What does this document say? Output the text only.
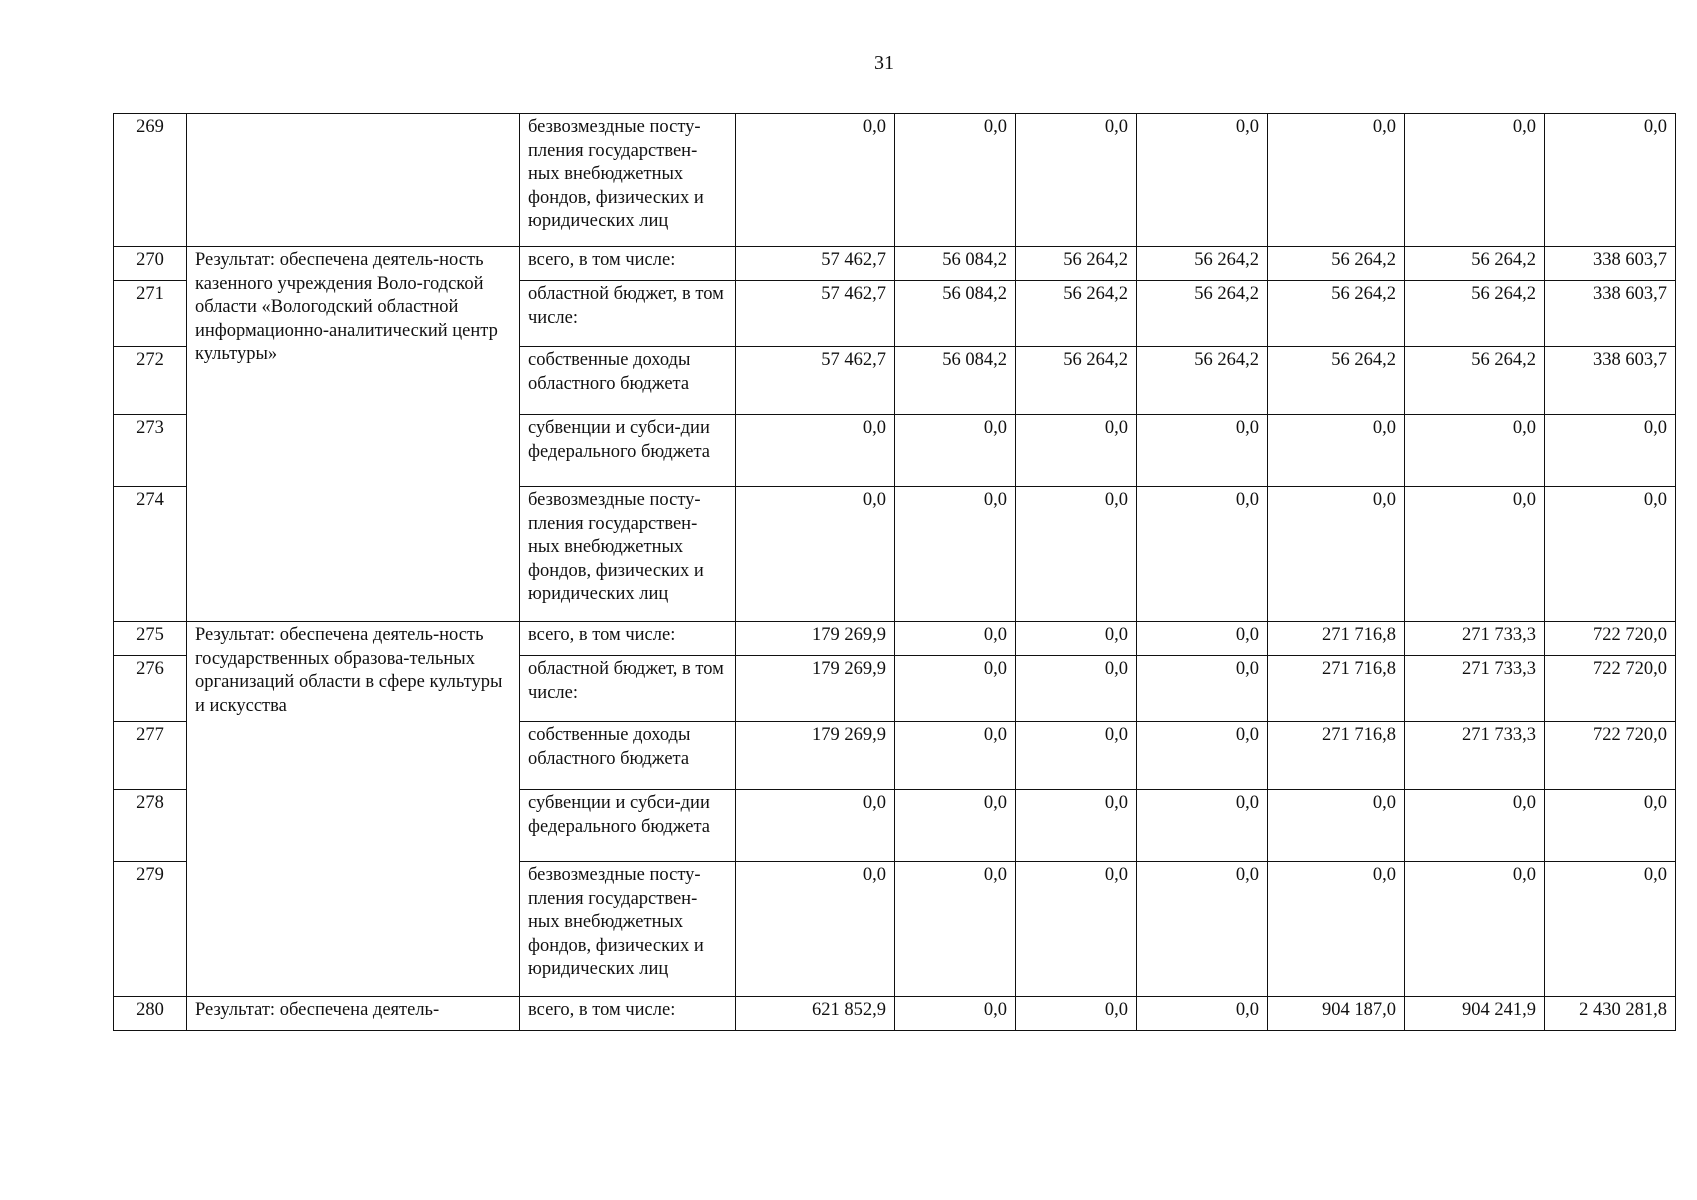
31
269		безвозмездные посту-пления государствен-ных внебюджетных фондов, физических и юридических лиц	0,0	0,0	0,0	0,0	0,0	0,0	0,0
270	Результат: обеспечена деятель-ность казенного учреждения Воло-годской области «Вологодский областной информационно-аналитический центр культуры»	всего, в том числе:	57 462,7	56 084,2	56 264,2	56 264,2	56 264,2	56 264,2	338 603,7
271		областной бюджет, в том числе:	57 462,7	56 084,2	56 264,2	56 264,2	56 264,2	56 264,2	338 603,7
272		собственные доходы областного бюджета	57 462,7	56 084,2	56 264,2	56 264,2	56 264,2	56 264,2	338 603,7
273		субвенции и субси-дии федерального бюджета	0,0	0,0	0,0	0,0	0,0	0,0	0,0
274		безвозмездные посту-пления государствен-ных внебюджетных фондов, физических и юридических лиц	0,0	0,0	0,0	0,0	0,0	0,0	0,0
275	Результат: обеспечена деятель-ность государственных образова-тельных организаций области в сфере культуры и искусства	всего, в том числе:	179 269,9	0,0	0,0	0,0	271 716,8	271 733,3	722 720,0
276		областной бюджет, в том числе:	179 269,9	0,0	0,0	0,0	271 716,8	271 733,3	722 720,0
277		собственные доходы областного бюджета	179 269,9	0,0	0,0	0,0	271 716,8	271 733,3	722 720,0
278		субвенции и субси-дии федерального бюджета	0,0	0,0	0,0	0,0	0,0	0,0	0,0
279		безвозмездные посту-пления государствен-ных внебюджетных фондов, физических и юридических лиц	0,0	0,0	0,0	0,0	0,0	0,0	0,0
280	Результат: обеспечена деятель-	всего, в том числе:	621 852,9	0,0	0,0	0,0	904 187,0	904 241,9	2 430 281,8
